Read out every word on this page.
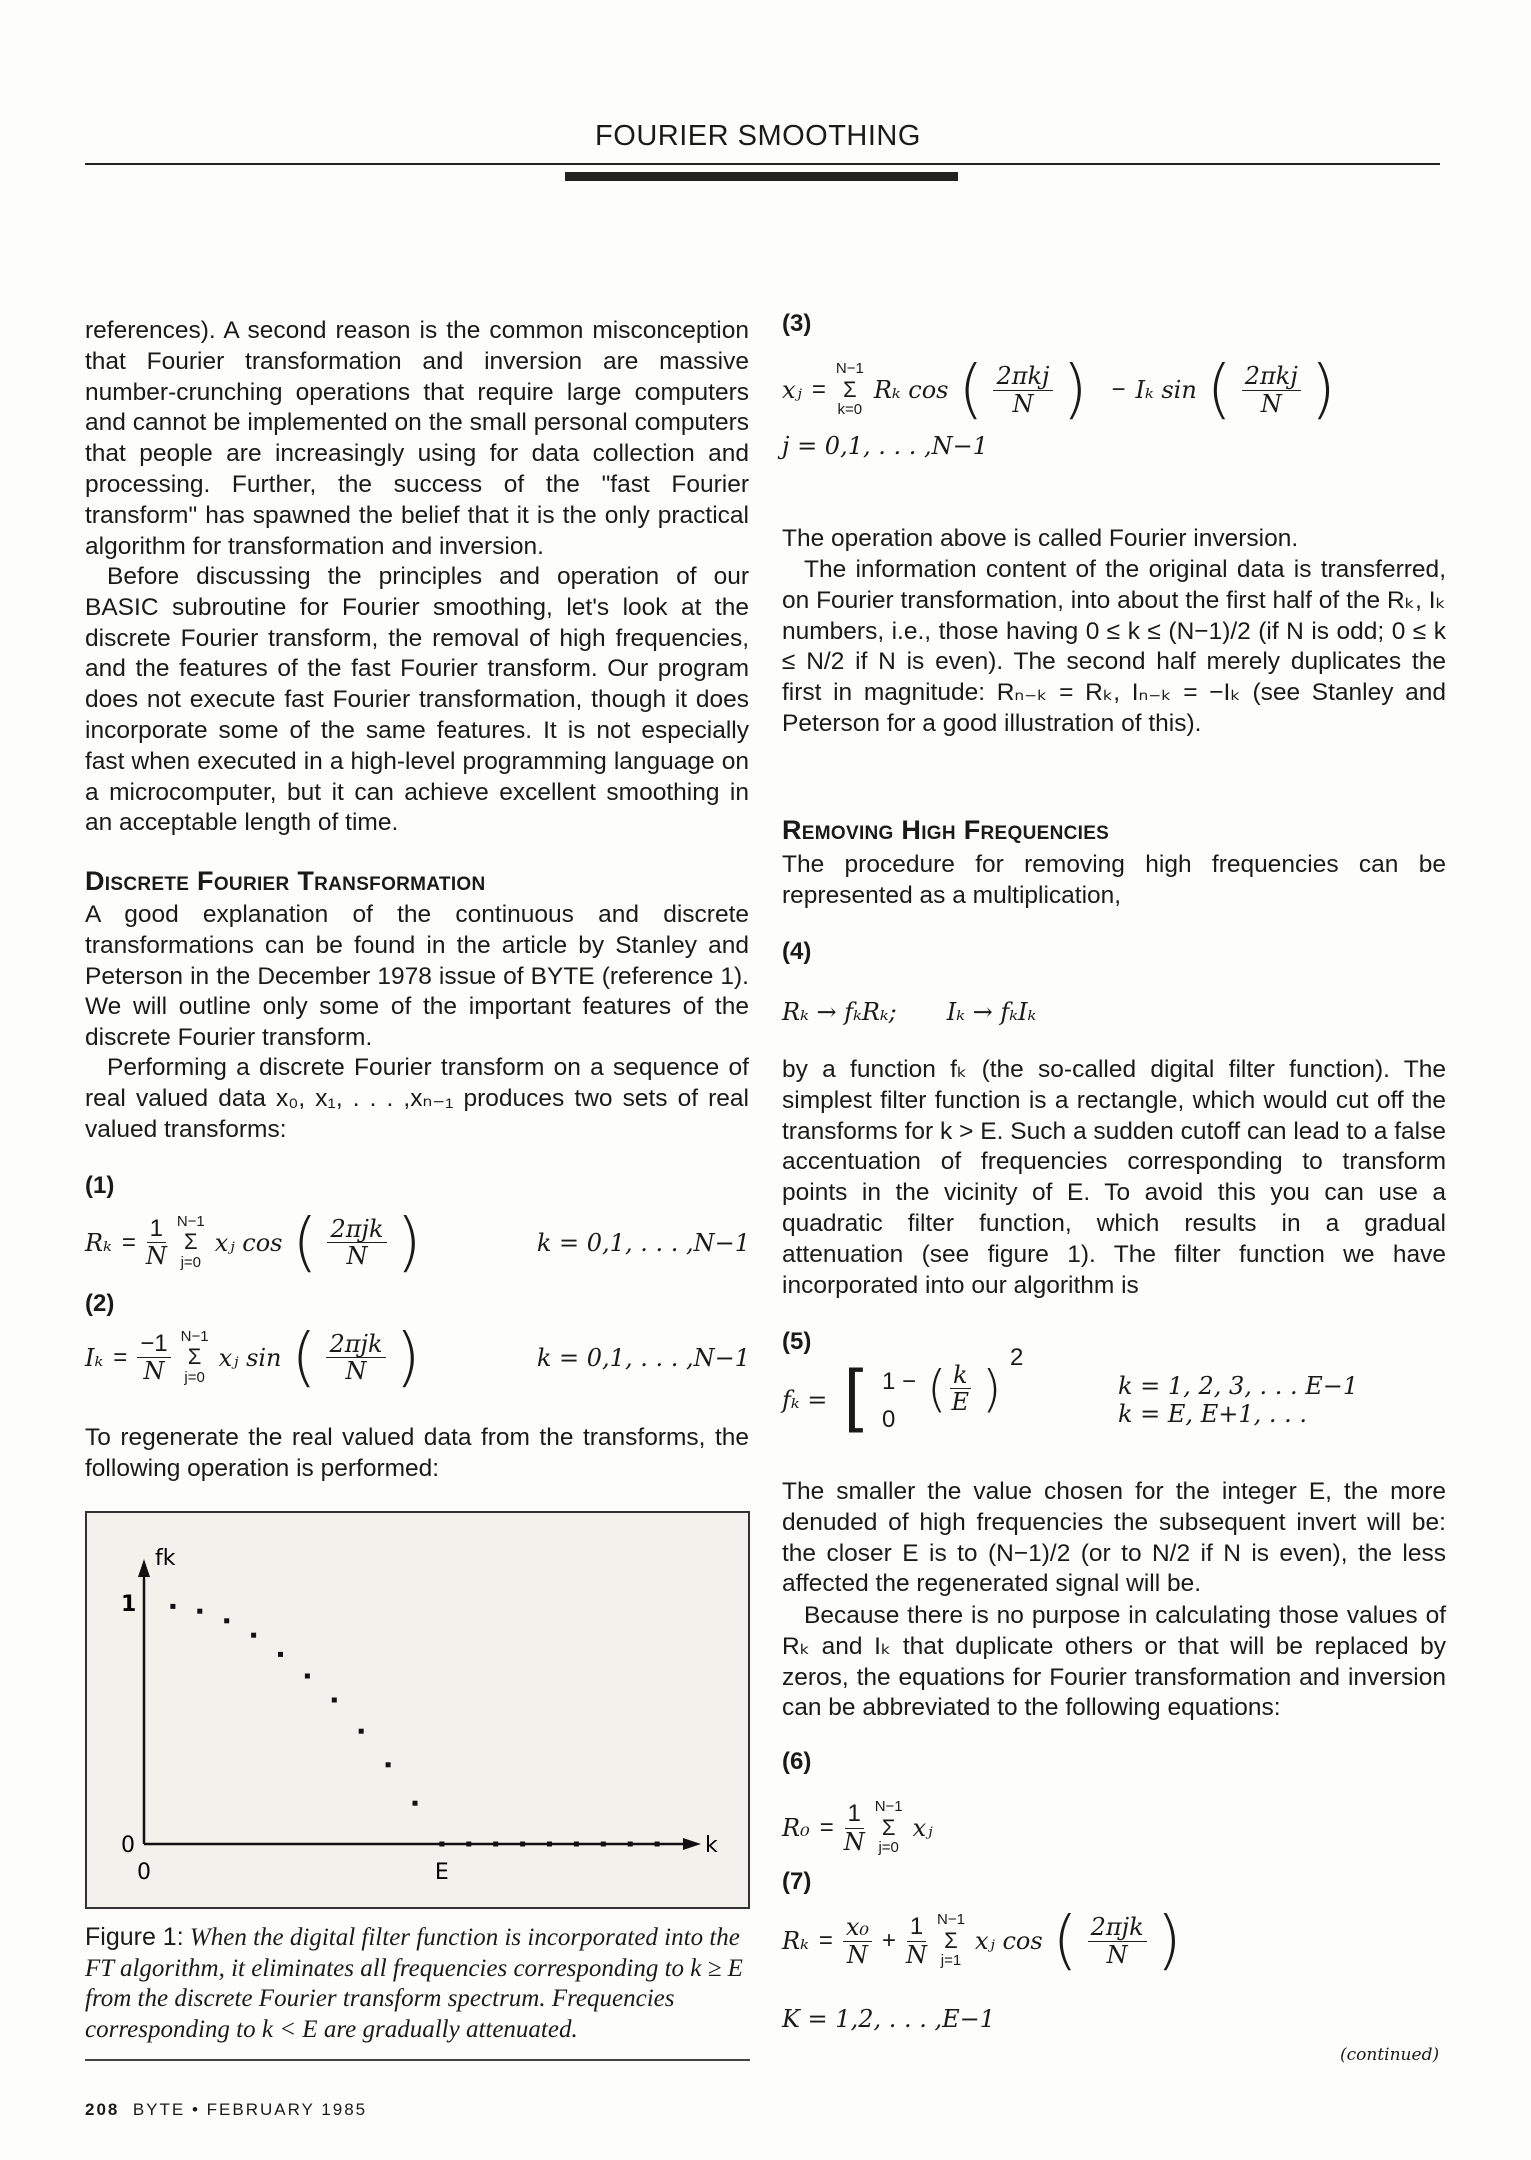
FOURIER SMOOTHING
references). A second reason is the common misconception that Fourier transformation and inversion are massive number-crunching operations that require large computers and cannot be implemented on the small personal computers that people are increasingly using for data collection and processing. Further, the success of the "fast Fourier transform" has spawned the belief that it is the only practical algorithm for transformation and inversion.
Before discussing the principles and operation of our BASIC subroutine for Fourier smoothing, let's look at the discrete Fourier transform, the removal of high frequencies, and the features of the fast Fourier transform. Our program does not execute fast Fourier transformation, though it does incorporate some of the same features. It is not especially fast when executed in a high-level programming language on a microcomputer, but it can achieve excellent smoothing in an acceptable length of time.
Discrete Fourier Transformation
A good explanation of the continuous and discrete transformations can be found in the article by Stanley and Peterson in the December 1978 issue of BYTE (reference 1). We will outline only some of the important features of the discrete Fourier transform.
Performing a discrete Fourier transform on a sequence of real valued data x₀, x₁, . . . ,xₙ₋₁ produces two sets of real valued transforms:
(1)
$R_k = \frac{1}{N} N-1$
Σ
j=0
xⱼ cos ( $\frac{\text{2πjk}}{N}$ )	k = 0,1, . . . ,N−1
(2)
$I_k = \frac{-1}{N} N-1$
Σ
j=0
xⱼ sin ( $\frac{\text{2πjk}}{N}$ )	k = 0,1, . . . ,N−1
To regenerate the real valued data from the transforms, the following operation is performed:
fk
k
1
0
0	E
Figure 1: When the digital filter function is incorporated into the FT algorithm, it eliminates all frequencies corresponding to k ≥ E from the discrete Fourier transform spectrum. Frequencies corresponding to k < E are gradually attenuated.
208 BYTE • FEBRUARY 1985
(3)
xⱼ =
N−1
Σ
k=0
Rₖ cos ( $\frac{\text{2πkj}}{N}$ ) − Iₖ sin ( $\frac{\text{2πkj}}{N}$ )
j = 0,1, . . . ,N−1
The operation above is called Fourier inversion.
The information content of the original data is transferred, on Fourier transformation, into about the first half of the Rₖ, Iₖ numbers, i.e., those having 0 ≤ k ≤ (N−1)/2 (if N is odd; 0 ≤ k ≤ N/2 if N is even). The second half merely duplicates the first in magnitude: Rₙ₋ₖ = Rₖ, Iₙ₋ₖ = −Iₖ (see Stanley and Peterson for a good illustration of this).
Removing High Frequencies
The procedure for removing high frequencies can be represented as a multiplication,
(4)
Rₖ → fₖRₖ; Iₖ → fₖIₖ
by a function fₖ (the so-called digital filter function). The simplest filter function is a rectangle, which would cut off the transforms for k > E. Such a sudden cutoff can lead to a false accentuation of frequencies corresponding to transform points in the vicinity of E. To avoid this you can use a quadratic filter function, which results in a gradual attenuation (see figure 1). The filter function we have incorporated into our algorithm is
(5)
fₖ = [ 1 − ( $\frac{k}{E}$ )
2
0
k = 1, 2, 3, . . . E−1
k = E, E+1, . . .
The smaller the value chosen for the integer E, the more denuded of high frequencies the subsequent invert will be: the closer E is to (N−1)/2 (or to N/2 if N is even), the less affected the regenerated signal will be.
Because there is no purpose in calculating those values of Rₖ and Iₖ that duplicate others or that will be replaced by zeros, the equations for Fourier transformation and inversion can be abbreviated to the following equations:
(6)
$R_0 = \frac{1}{N} N-1$
Σ
j=0
xⱼ
(7)
$R_k = \frac{\text{x₀}}{N} + \frac{1}{N} N-1$
Σ
j=1
xⱼ cos ( $\frac{\text{2πjk}}{N}$ )
K = 1,2, . . . ,E−1
(continued)
